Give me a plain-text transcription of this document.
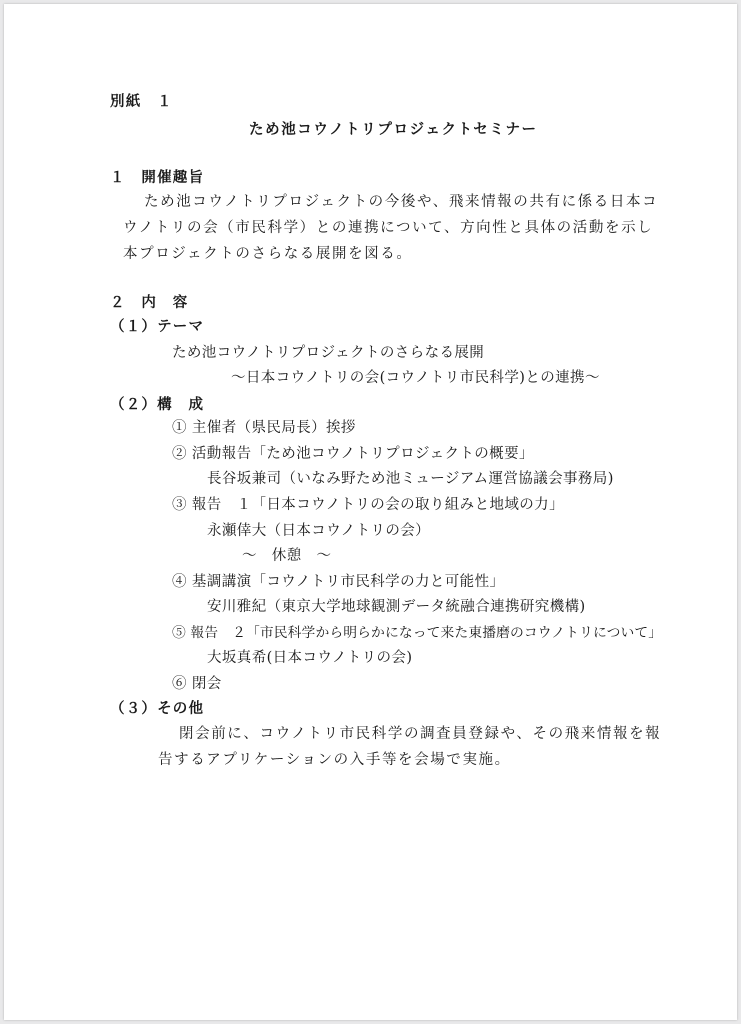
別紙　１
ため池コウノトリプロジェクトセミナー
１　開催趣旨
ため池コウノトリプロジェクトの今後や、飛来情報の共有に係る日本コ
ウノトリの会（市民科学）との連携について、方向性と具体の活動を示し
本プロジェクトのさらなる展開を図る。
２　内　容
（１）テーマ
ため池コウノトリプロジェクトのさらなる展開
～日本コウノトリの会(コウノトリ市民科学)との連携～
（２）構　成
① 主催者（県民局長）挨拶
② 活動報告「ため池コウノトリプロジェクトの概要」
長谷坂兼司（いなみ野ため池ミュージアム運営協議会事務局)
③ 報告　１「日本コウノトリの会の取り組みと地域の力」
永瀬倖大（日本コウノトリの会）
～　休憩　～
④ 基調講演「コウノトリ市民科学の力と可能性」
安川雅紀（東京大学地球観測データ統融合連携研究機構)
⑤ 報告　２「市民科学から明らかになって来た東播磨のコウノトリについて」
大坂真希(日本コウノトリの会)
⑥ 閉会
（３）その他
閉会前に、コウノトリ市民科学の調査員登録や、その飛来情報を報
告するアプリケーションの入手等を会場で実施。
